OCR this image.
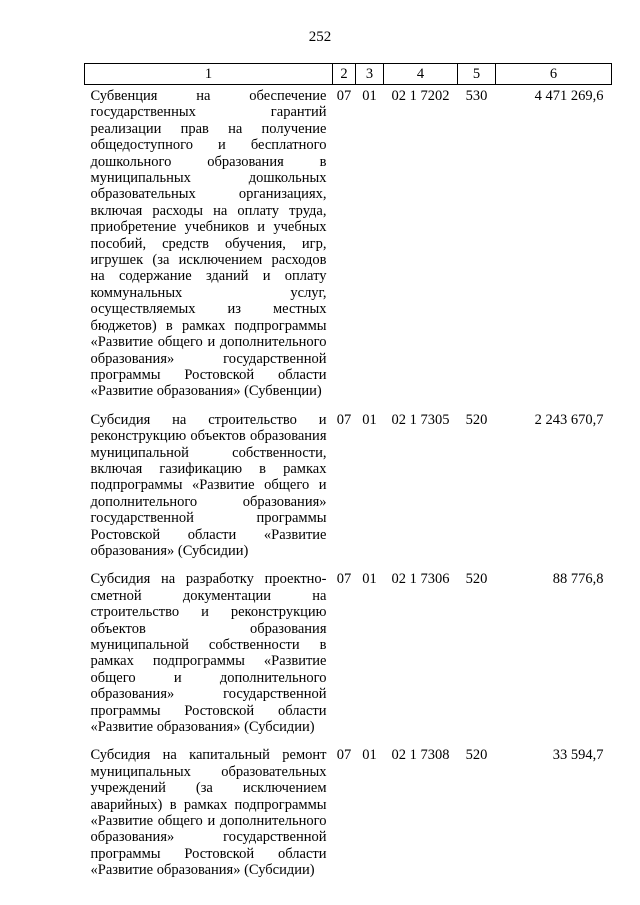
252
1	2	3	4	5	6
Субвенция на обеспечение государственных гарантий реализации прав на получение общедоступного и бесплатного дошкольного образования в муниципальных дошкольных образовательных организациях, включая расходы на оплату труда, приобретение учебников и учебных пособий, средств обучения, игр, игрушек (за исключением расходов на содержание зданий и оплату коммунальных услуг, осуществляемых из местных бюджетов) в рамках подпрограммы «Развитие общего и дополнительного образования» государственной программы Ростовской области «Развитие образования» (Субвенции)	07	01	02 1 7202	530	4 471 269,6
Субсидия на строительство и реконструкцию объектов образования муниципальной собственности, включая газификацию в рамках подпрограммы «Развитие общего и дополнительного образования» государственной программы Ростовской области «Развитие образования» (Субсидии)	07	01	02 1 7305	520	2 243 670,7
Субсидия на разработку проектно-сметной документации на строительство и реконструкцию объектов образования муниципальной собственности в рамках подпрограммы «Развитие общего и дополнительного образования» государственной программы Ростовской области «Развитие образования» (Субсидии)	07	01	02 1 7306	520	88 776,8
Субсидия на капитальный ремонт муниципальных образовательных учреждений (за исключением аварийных) в рамках подпрограммы «Развитие общего и дополнительного образования» государственной программы Ростовской области «Развитие образования» (Субсидии)	07	01	02 1 7308	520	33 594,7
